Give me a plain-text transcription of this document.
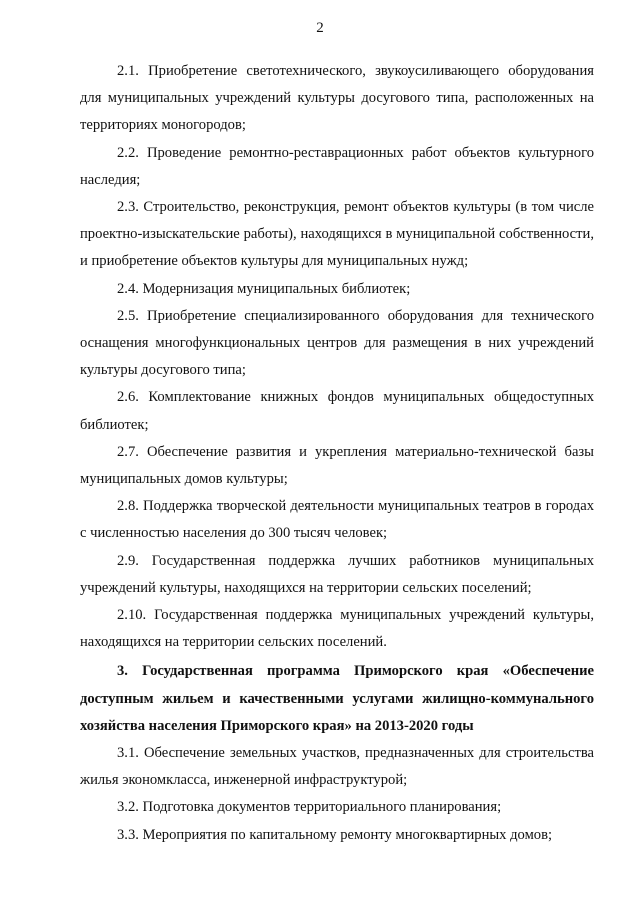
2

2.1. Приобретение светотехнического, звукоусиливающего оборудования для муниципальных учреждений культуры досугового типа, расположенных на территориях моногородов;

2.2. Проведение ремонтно-реставрационных работ объектов культурного наследия;

2.3. Строительство, реконструкция, ремонт объектов культуры (в том числе проектно-изыскательские работы), находящихся в муниципальной собственности, и приобретение объектов культуры для муниципальных нужд;

2.4. Модернизация муниципальных библиотек;

2.5. Приобретение специализированного оборудования для технического оснащения многофункциональных центров для размещения в них учреждений культуры досугового типа;

2.6. Комплектование книжных фондов муниципальных общедоступных библиотек;

2.7. Обеспечение развития и укрепления материально-технической базы муниципальных домов культуры;

2.8. Поддержка творческой деятельности муниципальных театров в городах с численностью населения до 300 тысяч человек;

2.9. Государственная поддержка лучших работников муниципальных учреждений культуры, находящихся на территории сельских поселений;

2.10. Государственная поддержка муниципальных учреждений культуры, находящихся на территории сельских поселений.

3. Государственная программа Приморского края «Обеспечение доступным жильем и качественными услугами жилищно-коммунального хозяйства населения Приморского края» на 2013-2020 годы

3.1. Обеспечение земельных участков, предназначенных для строительства жилья экономкласса, инженерной инфраструктурой;

3.2. Подготовка документов территориального планирования;

3.3. Мероприятия по капитальному ремонту многоквартирных домов;
